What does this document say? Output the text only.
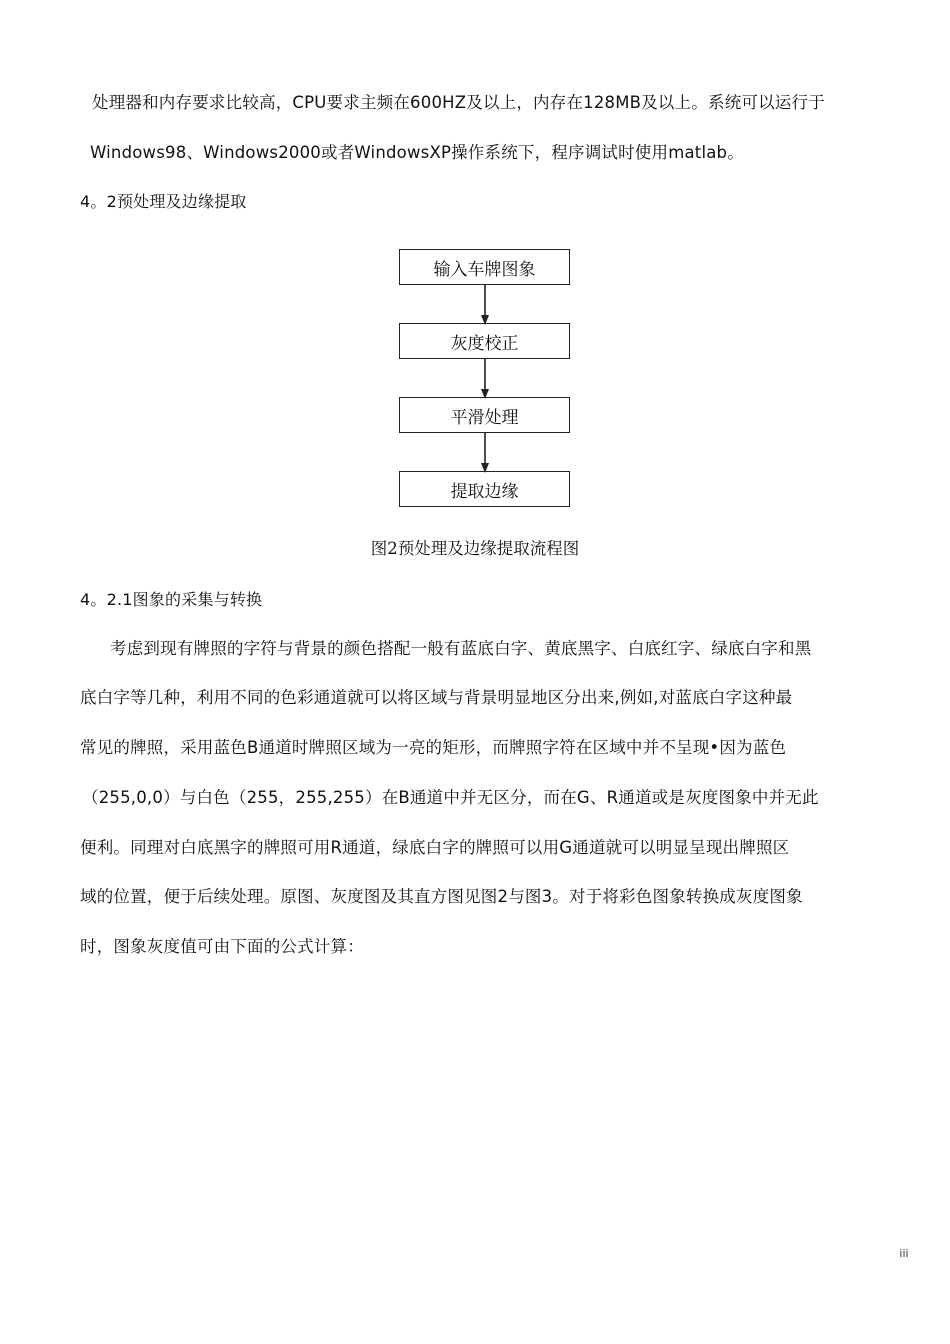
处理器和内存要求比较高，CPU要求主频在600HZ及以上，内存在128MB及以上。系统可以运行于
Windows98、Windows2000或者WindowsXP操作系统下，程序调试时使用matlab。
4。2预处理及边缘提取
输入车牌图象
灰度校正
平滑处理
提取边缘
图2预处理及边缘提取流程图
4。2.1图象的采集与转换
考虑到现有牌照的字符与背景的颜色搭配一般有蓝底白字、黄底黑字、白底红字、绿底白字和黑
底白字等几种，利用不同的色彩通道就可以将区域与背景明显地区分出来,例如,对蓝底白字这种最
常见的牌照，采用蓝色B通道时牌照区域为一亮的矩形，而牌照字符在区域中并不呈现•因为蓝色
（255,0,0）与白色（255，255,255）在B通道中并无区分，而在G、R通道或是灰度图象中并无此
便利。同理对白底黑字的牌照可用R通道，绿底白字的牌照可以用G通道就可以明显呈现出牌照区
域的位置，便于后续处理。原图、灰度图及其直方图见图2与图3。对于将彩色图象转换成灰度图象
时，图象灰度值可由下面的公式计算：
iii
